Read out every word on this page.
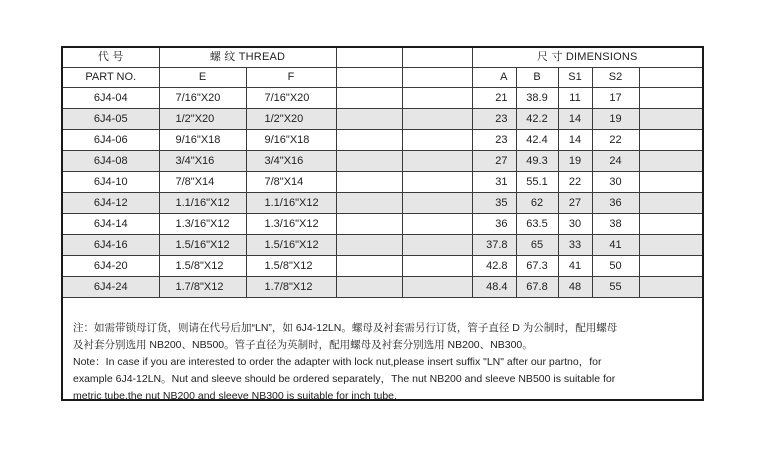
代 号	螺 纹 THREAD				尺 寸 DIMENSIONS				
PART NO.	E	F			A	B	S1	S2	
6J4-04	7/16"X20	7/16"X20			21	38.9	11	17	
6J4-05	1/2"X20	1/2"X20			23	42.2	14	19	
6J4-06	9/16"X18	9/16"X18			23	42.4	14	22	
6J4-08	3/4"X16	3/4"X16			27	49.3	19	24	
6J4-10	7/8"X14	7/8"X14			31	55.1	22	30	
6J4-12	1.1/16"X12	1.1/16"X12			35	62	27	36	
6J4-14	1.3/16"X12	1.3/16"X12			36	63.5	30	38	
6J4-16	1.5/16"X12	1.5/16"X12			37.8	65	33	41	
6J4-20	1.5/8"X12	1.5/8"X12			42.8	67.3	41	50	
6J4-24	1.7/8"X12	1.7/8"X12			48.4	67.8	48	55	
注：如需带锁母订货，则请在代号后加“LN”，如 6J4-12LN。螺母及衬套需另行订货，管子直径 D 为公制时，配用螺母
及衬套分别选用 NB200、NB500。管子直径为英制时，配用螺母及衬套分别选用 NB200、NB300。
Note：In case if you are interested to order the adapter with lock nut,please insert suffix "LN" after our partno，for
example 6J4-12LN。Nut and sleeve should be ordered separately，The nut NB200 and sleeve NB500 is suitable for
metric tube,the nut NB200 and sleeve NB300 is suitable for inch tube.
